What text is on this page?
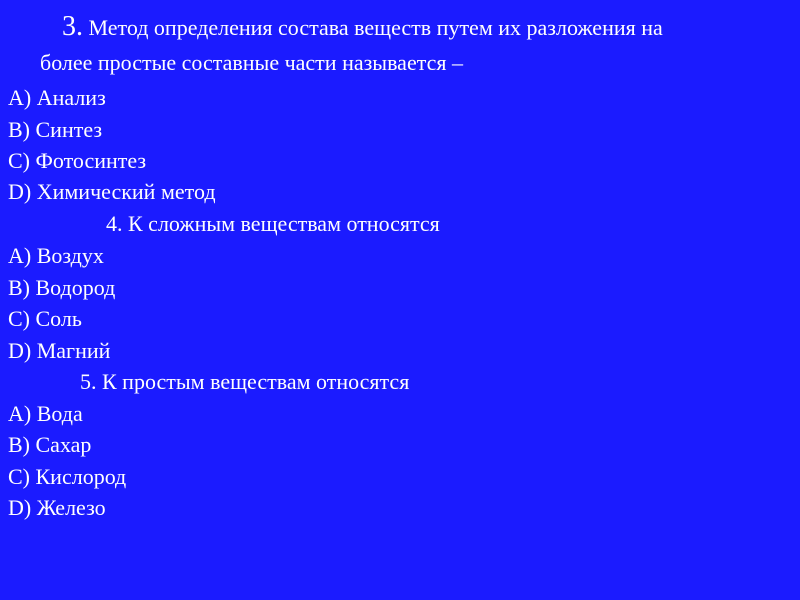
3. Метод определения состава веществ путем их разложения на
более простые составные части называется –
A) Анализ
B) Синтез
C) Фотосинтез
D) Химический метод
4. К сложным веществам относятся
A) Воздух
B) Водород
C) Соль
D) Магний
5. К простым веществам относятся
A) Вода
B) Сахар
C) Кислород
D) Железо
